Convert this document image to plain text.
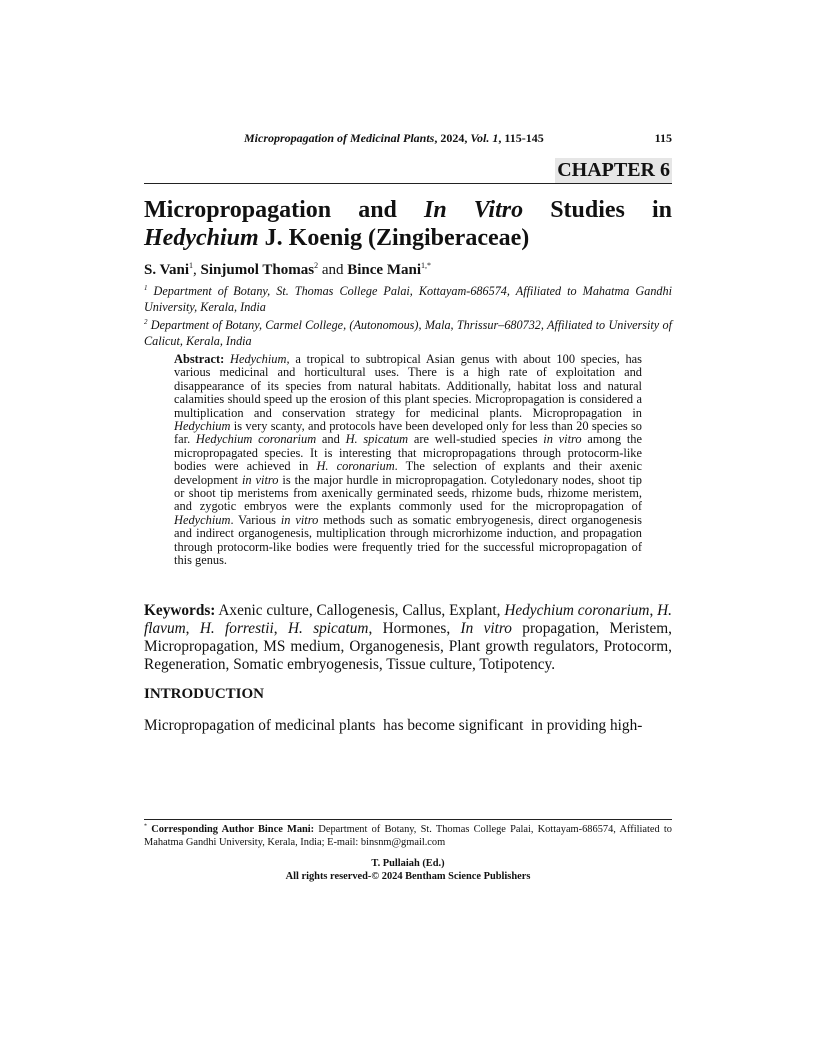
Micropropagation of Medicinal Plants, 2024, Vol. 1, 115-145	115
CHAPTER 6
Micropropagation and In Vitro Studies in
Hedychium J. Koenig (Zingiberaceae)
S. Vani$^1$, Sinjumol Thomas$^2$ and Bince Mani$^{1,*}$
$^1$ Department of Botany, St. Thomas College Palai, Kottayam-686574, Affiliated to Mahatma Gandhi University, Kerala, India
$^2$ Department of Botany, Carmel College, (Autonomous), Mala, Thrissur–680732, Affiliated to University of Calicut, Kerala, India
Abstract: Hedychium, a tropical to subtropical Asian genus with about 100 species, has various medicinal and horticultural uses. There is a high rate of exploitation and disappearance of its species from natural habitats. Additionally, habitat loss and natural calamities should speed up the erosion of this plant species. Micropropagation is considered a multiplication and conservation strategy for medicinal plants. Micropropagation in Hedychium is very scanty, and protocols have been developed only for less than 20 species so far. Hedychium coronarium and H. spicatum are well-studied species in vitro among the micropropagated species. It is interesting that micropropagations through protocorm-like bodies were achieved in H. coronarium. The selection of explants and their axenic development in vitro is the major hurdle in micropropagation. Cotyledonary nodes, shoot tip or shoot tip meristems from axenically germinated seeds, rhizome buds, rhizome meristem, and zygotic embryos were the explants commonly used for the micropropagation of Hedychium. Various in vitro methods such as somatic embryogenesis, direct organogenesis and indirect organogenesis, multiplication through microrhizome induction, and propagation through protocorm-like bodies were frequently tried for the successful micropropagation of this genus.
Keywords: Axenic culture, Callogenesis, Callus, Explant, Hedychium coronarium, H. flavum, H. forrestii, H. spicatum, Hormones, In vitro propagation, Meristem, Micropropagation, MS medium, Organogenesis, Plant growth regulators, Protocorm, Regeneration, Somatic embryogenesis, Tissue culture, Totipotency.
INTRODUCTION
Micropropagation of medicinal plants  has become significant  in providing high-
* Corresponding Author Bince Mani: Department of Botany, St. Thomas College Palai, Kottayam-686574, Affiliated to Mahatma Gandhi University, Kerala, India; E-mail: binsnm@gmail.com
T. Pullaiah (Ed.)
All rights reserved-© 2024 Bentham Science Publishers
